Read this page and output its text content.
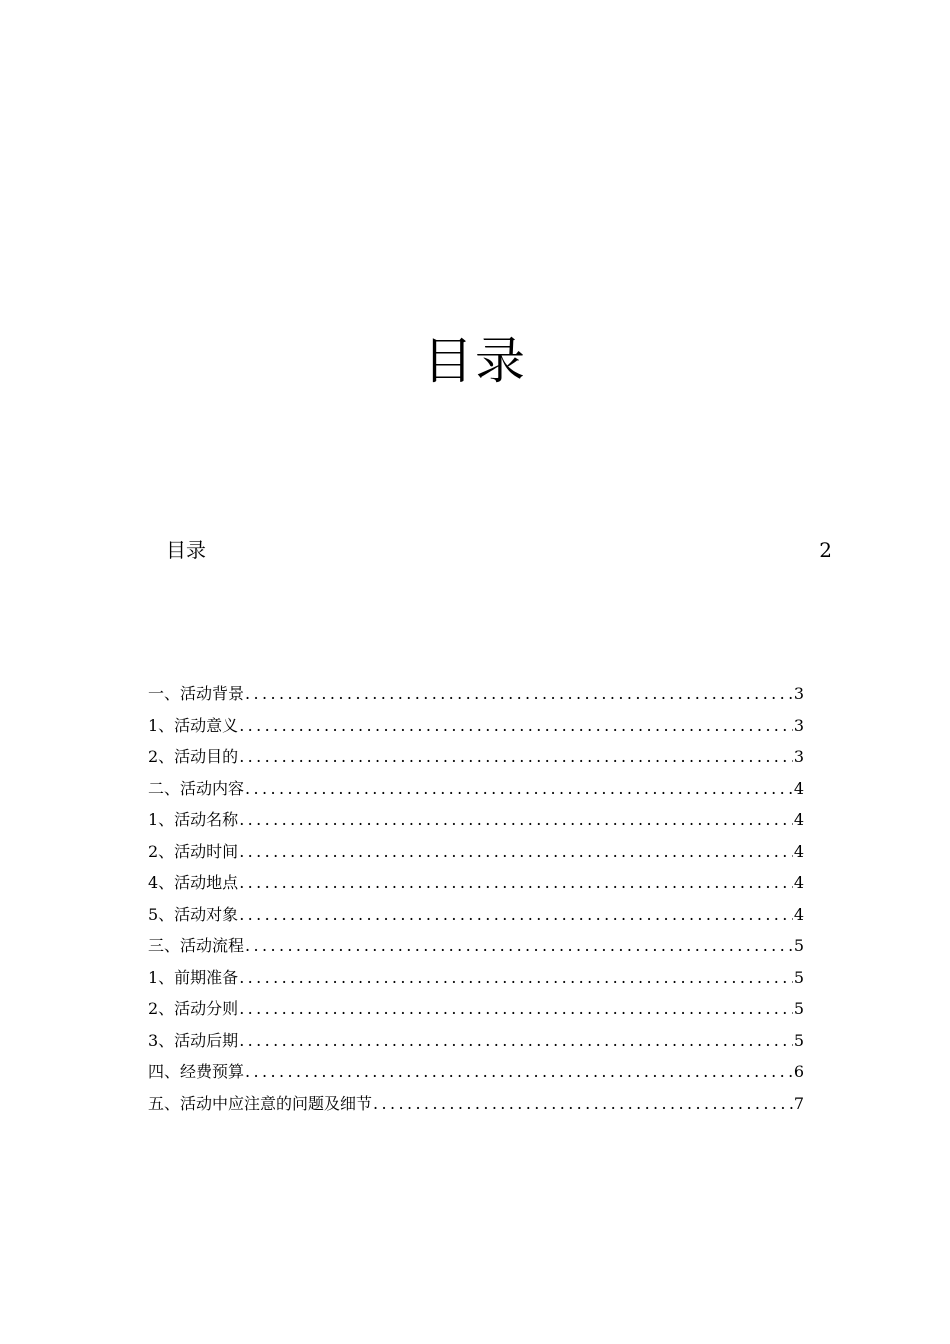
目录
目录	2
一、活动背景 .....	3
1、活动意义 .....	3
2、活动目的 .....	3
二、活动内容 .....	4
1、活动名称 .....	4
2、活动时间 .....	4
4、活动地点 .....	4
5、活动对象 .....	4
三、活动流程 .....	5
1、前期准备 .....	5
2、活动分则 .....	5
3、活动后期 .....	5
四、经费预算 .....	6
五、活动中应注意的问题及细节 .....	7
